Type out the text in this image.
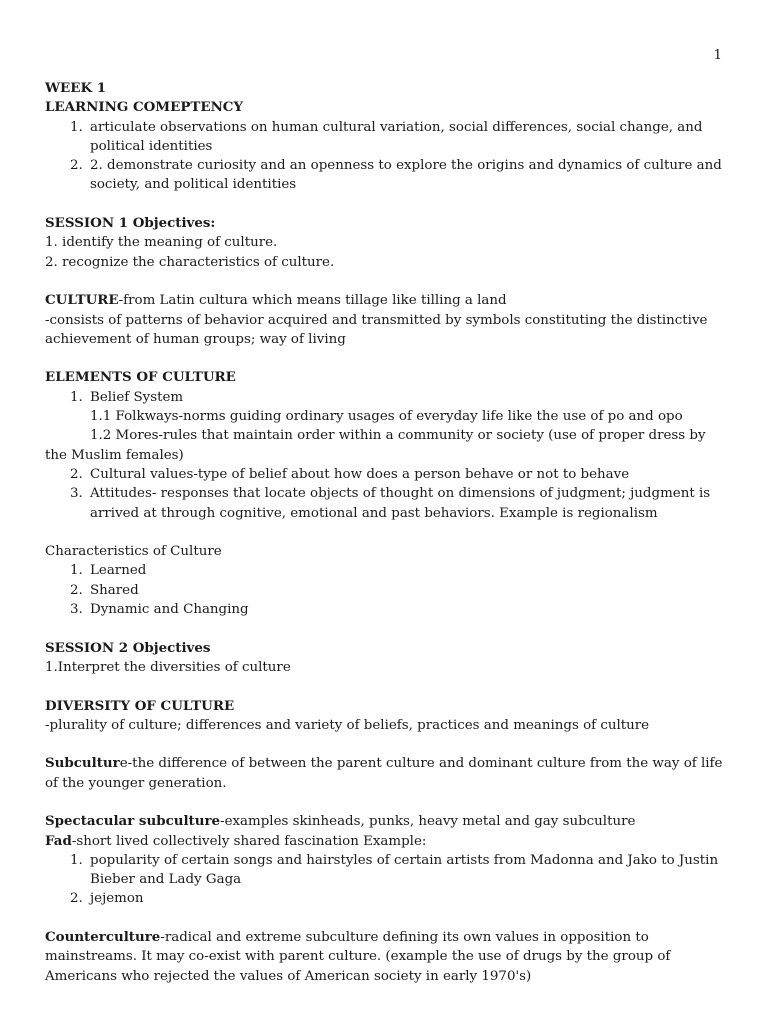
1

WEEK 1

LEARNING COMEPTENCY

1. articulate observations on human cultural variation, social differences, social change, and political identities
2. 2. demonstrate curiosity and an openness to explore the origins and dynamics of culture and society, and political identities

SESSION 1 Objectives:

1. identify the meaning of culture.

2. recognize the characteristics of culture.

CULTURE-from Latin cultura which means tillage like tilling a land

-consists of patterns of behavior acquired and transmitted by symbols constituting the distinctive achievement of human groups; way of living

ELEMENTS OF CULTURE

1. Belief System

1.1 Folkways-norms guiding ordinary usages of everyday life like the use of po and opo

1.2 Mores-rules that maintain order within a community or society (use of proper dress by

the Muslim females)

2. Cultural values-type of belief about how does a person behave or not to behave
3. Attitudes- responses that locate objects of thought on dimensions of judgment; judgment is arrived at through cognitive, emotional and past behaviors. Example is regionalism

Characteristics of Culture

1. Learned
2. Shared
3. Dynamic and Changing

SESSION 2 Objectives

1.Interpret the diversities of culture

DIVERSITY OF CULTURE

-plurality of culture; differences and variety of beliefs, practices and meanings of culture

Subculture-the difference of between the parent culture and dominant culture from the way of life of the younger generation.

Spectacular subculture-examples skinheads, punks, heavy metal and gay subculture

Fad-short lived collectively shared fascination Example:

1. popularity of certain songs and hairstyles of certain artists from Madonna and Jako to Justin Bieber and Lady Gaga
2. jejemon

Counterculture-radical and extreme subculture defining its own values in opposition to mainstreams. It may co-exist with parent culture. (example the use of drugs by the group of Americans who rejected the values of American society in early 1970's)
